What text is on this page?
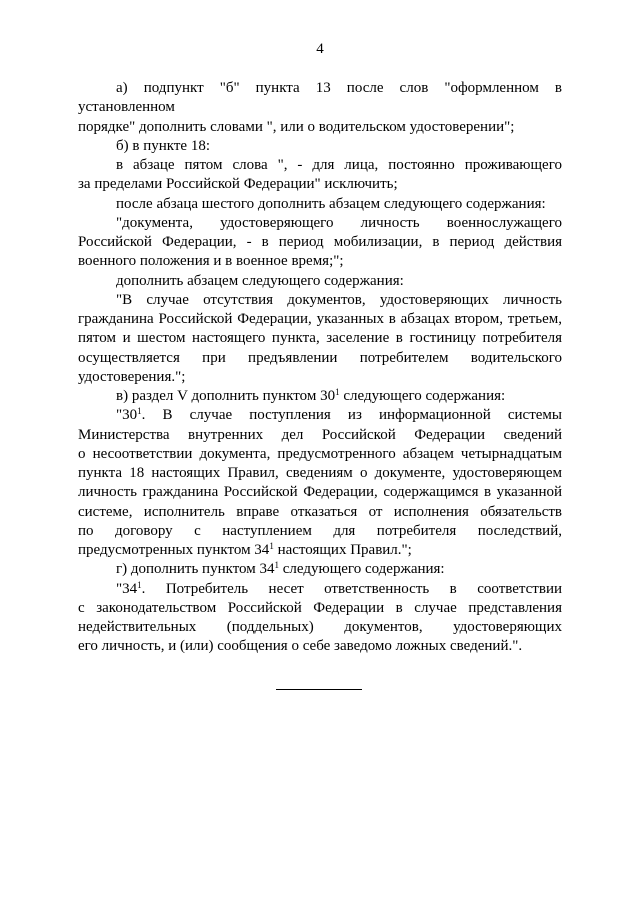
4
а) подпункт "б" пункта 13 после слов "оформленном в установленном
порядке" дополнить словами ", или о водительском удостоверении";
б) в пункте 18:
в абзаце пятом слова ", - для лица, постоянно проживающего
за пределами Российской Федерации" исключить;
после абзаца шестого дополнить абзацем следующего содержания:
"документа, удостоверяющего личность военнослужащего
Российской Федерации, - в период мобилизации, в период действия
военного положения и в военное время;";
дополнить абзацем следующего содержания:
"В случае отсутствия документов, удостоверяющих личность
гражданина Российской Федерации, указанных в абзацах втором, третьем,
пятом и шестом настоящего пункта, заселение в гостиницу потребителя
осуществляется при предъявлении потребителем водительского
удостоверения.";
в) раздел V дополнить пунктом $30^1$ следующего содержания:
"$30^1$. В случае поступления из информационной системы
Министерства внутренних дел Российской Федерации сведений
о несоответствии документа, предусмотренного абзацем четырнадцатым
пункта 18 настоящих Правил, сведениям о документе, удостоверяющем
личность гражданина Российской Федерации, содержащимся в указанной
системе, исполнитель вправе отказаться от исполнения обязательств
по договору с наступлением для потребителя последствий,
предусмотренных пунктом $34^1$ настоящих Правил.";
г) дополнить пунктом $34^1$ следующего содержания:
"$34^1$. Потребитель несет ответственность в соответствии
с законодательством Российской Федерации в случае представления
недействительных (поддельных) документов, удостоверяющих
его личность, и (или) сообщения о себе заведомо ложных сведений.".
